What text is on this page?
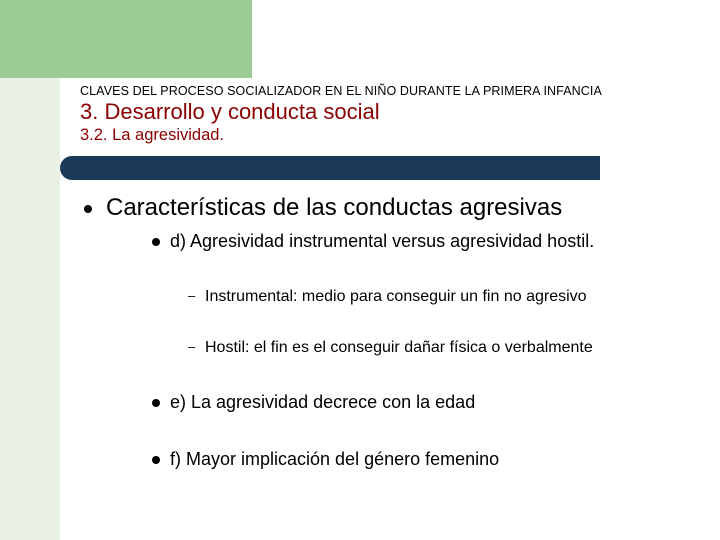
CLAVES DEL PROCESO SOCIALIZADOR EN EL NIÑO DURANTE LA PRIMERA INFANCIA
3. Desarrollo y conducta social
3.2. La agresividad.
Características de las conductas agresivas
d) Agresividad instrumental versus agresividad hostil.
– Instrumental: medio para conseguir un fin no agresivo
– Hostil: el fin es el conseguir dañar física o verbalmente
e) La agresividad decrece con la edad
f) Mayor implicación del género femenino
